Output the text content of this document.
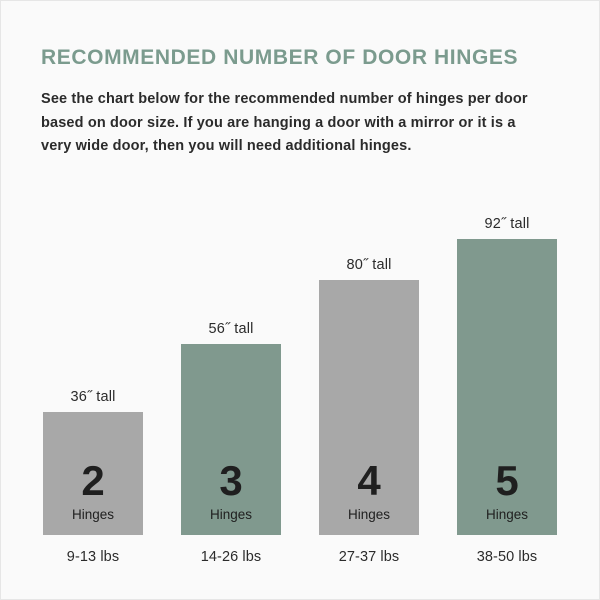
RECOMMENDED NUMBER OF DOOR HINGES

See the chart below for the recommended number of hinges per door based on door size. If you are hanging a door with a mirror or it is a very wide door, then you will need additional hinges.

36˝ tall
2
Hinges
56˝ tall
3
Hinges
80˝ tall
4
Hinges
92˝ tall
5
Hinges
9-13 lbs	14-26 lbs	27-37 lbs	38-50 lbs
